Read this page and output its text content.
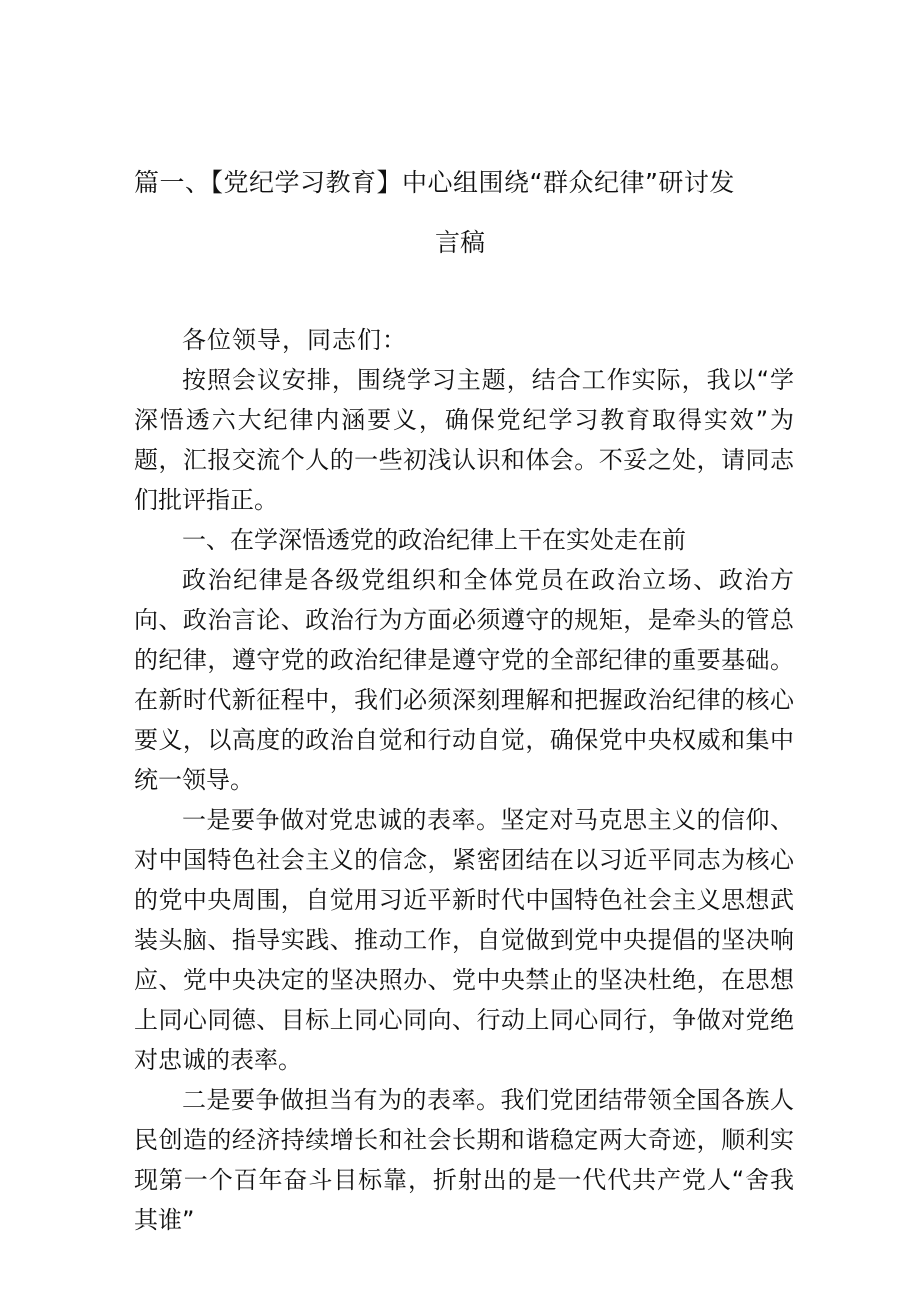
篇一、【党纪学习教育】中心组围绕“群众纪律”研讨发
言稿

各位领导，同志们：

按照会议安排，围绕学习主题，结合工作实际，我以“学深悟透六大纪律内涵要义，确保党纪学习教育取得实效”为题，汇报交流个人的一些初浅认识和体会。不妥之处，请同志们批评指正。

一、在学深悟透党的政治纪律上干在实处走在前

政治纪律是各级党组织和全体党员在政治立场、政治方向、政治言论、政治行为方面必须遵守的规矩，是牵头的管总的纪律，遵守党的政治纪律是遵守党的全部纪律的重要基础。在新时代新征程中，我们必须深刻理解和把握政治纪律的核心要义，以高度的政治自觉和行动自觉，确保党中央权威和集中统一领导。

一是要争做对党忠诚的表率。坚定对马克思主义的信仰、对中国特色社会主义的信念，紧密团结在以习近平同志为核心的党中央周围，自觉用习近平新时代中国特色社会主义思想武装头脑、指导实践、推动工作，自觉做到党中央提倡的坚决响应、党中央决定的坚决照办、党中央禁止的坚决杜绝，在思想上同心同德、目标上同心同向、行动上同心同行，争做对党绝对忠诚的表率。

二是要争做担当有为的表率。我们党团结带领全国各族人民创造的经济持续增长和社会长期和谐稳定两大奇迹，顺利实现第一个百年奋斗目标靠，折射出的是一代代共产党人“舍我其谁”
